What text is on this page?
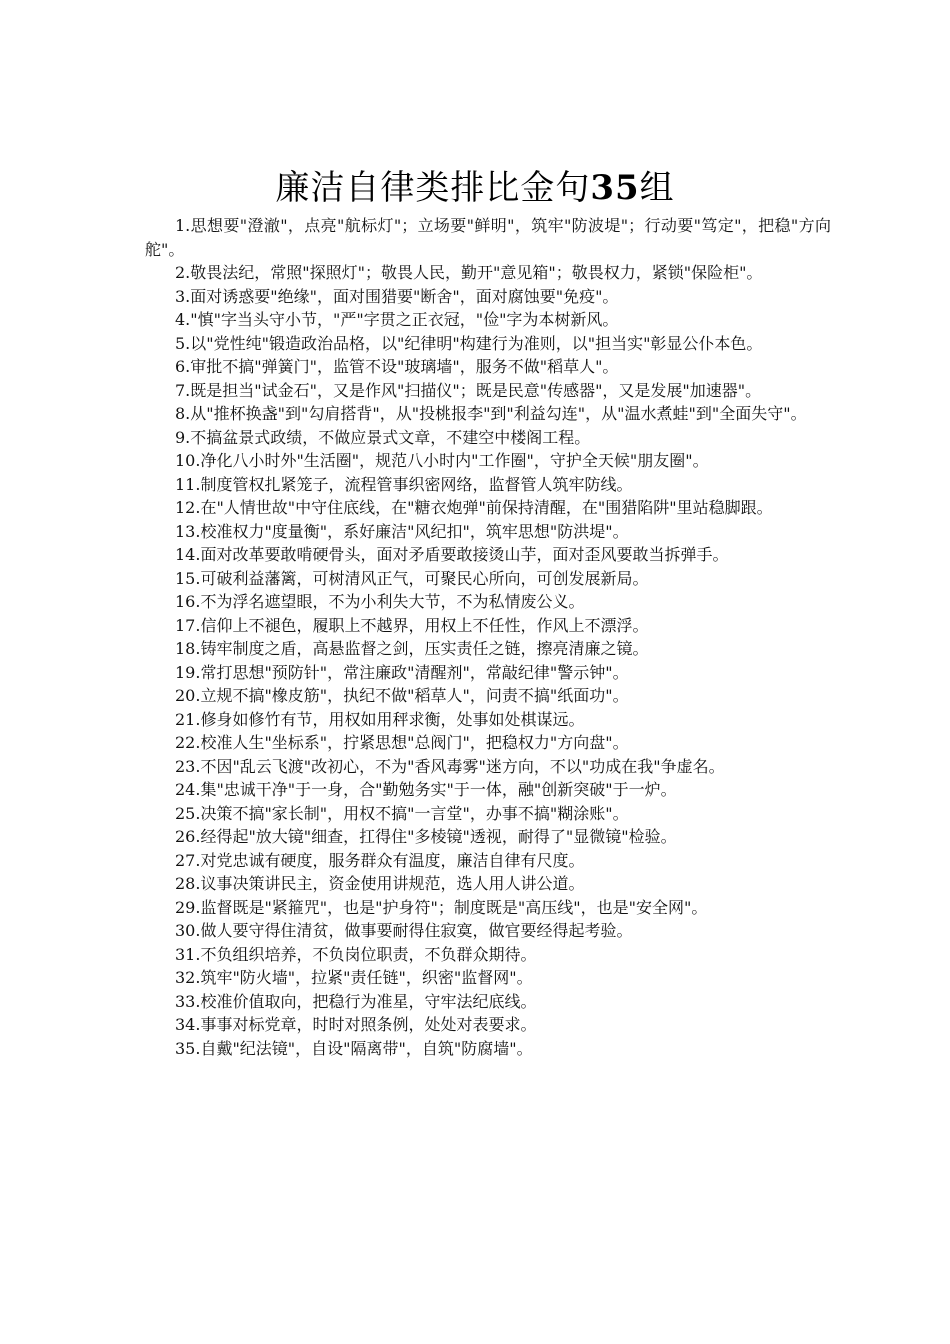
廉洁自律类排比金句35组

1.思想要"澄澈"，点亮"航标灯"；立场要"鲜明"，筑牢"防波堤"；行动要"笃定"，把稳"方向舵"。

2.敬畏法纪，常照"探照灯"；敬畏人民，勤开"意见箱"；敬畏权力，紧锁"保险柜"。

3.面对诱惑要"绝缘"，面对围猎要"断舍"，面对腐蚀要"免疫"。

4."慎"字当头守小节，"严"字贯之正衣冠，"俭"字为本树新风。

5.以"党性纯"锻造政治品格，以"纪律明"构建行为准则，以"担当实"彰显公仆本色。

6.审批不搞"弹簧门"，监管不设"玻璃墙"，服务不做"稻草人"。

7.既是担当"试金石"，又是作风"扫描仪"；既是民意"传感器"，又是发展"加速器"。

8.从"推杯换盏"到"勾肩搭背"，从"投桃报李"到"利益勾连"，从"温水煮蛙"到"全面失守"。

9.不搞盆景式政绩，不做应景式文章，不建空中楼阁工程。

10.净化八小时外"生活圈"，规范八小时内"工作圈"，守护全天候"朋友圈"。

11.制度管权扎紧笼子，流程管事织密网络，监督管人筑牢防线。

12.在"人情世故"中守住底线，在"糖衣炮弹"前保持清醒，在"围猎陷阱"里站稳脚跟。

13.校准权力"度量衡"，系好廉洁"风纪扣"，筑牢思想"防洪堤"。

14.面对改革要敢啃硬骨头，面对矛盾要敢接烫山芋，面对歪风要敢当拆弹手。

15.可破利益藩篱，可树清风正气，可聚民心所向，可创发展新局。

16.不为浮名遮望眼，不为小利失大节，不为私情废公义。

17.信仰上不褪色，履职上不越界，用权上不任性，作风上不漂浮。

18.铸牢制度之盾，高悬监督之剑，压实责任之链，擦亮清廉之镜。

19.常打思想"预防针"，常注廉政"清醒剂"，常敲纪律"警示钟"。

20.立规不搞"橡皮筋"，执纪不做"稻草人"，问责不搞"纸面功"。

21.修身如修竹有节，用权如用秤求衡，处事如处棋谋远。

22.校准人生"坐标系"，拧紧思想"总阀门"，把稳权力"方向盘"。

23.不因"乱云飞渡"改初心，不为"香风毒雾"迷方向，不以"功成在我"争虚名。

24.集"忠诚干净"于一身，合"勤勉务实"于一体，融"创新突破"于一炉。

25.决策不搞"家长制"，用权不搞"一言堂"，办事不搞"糊涂账"。

26.经得起"放大镜"细查，扛得住"多棱镜"透视，耐得了"显微镜"检验。

27.对党忠诚有硬度，服务群众有温度，廉洁自律有尺度。

28.议事决策讲民主，资金使用讲规范，选人用人讲公道。

29.监督既是"紧箍咒"，也是"护身符"；制度既是"高压线"，也是"安全网"。

30.做人要守得住清贫，做事要耐得住寂寞，做官要经得起考验。

31.不负组织培养，不负岗位职责，不负群众期待。

32.筑牢"防火墙"，拉紧"责任链"，织密"监督网"。

33.校准价值取向，把稳行为准星，守牢法纪底线。

34.事事对标党章，时时对照条例，处处对表要求。

35.自戴"纪法镜"，自设"隔离带"，自筑"防腐墙"。
